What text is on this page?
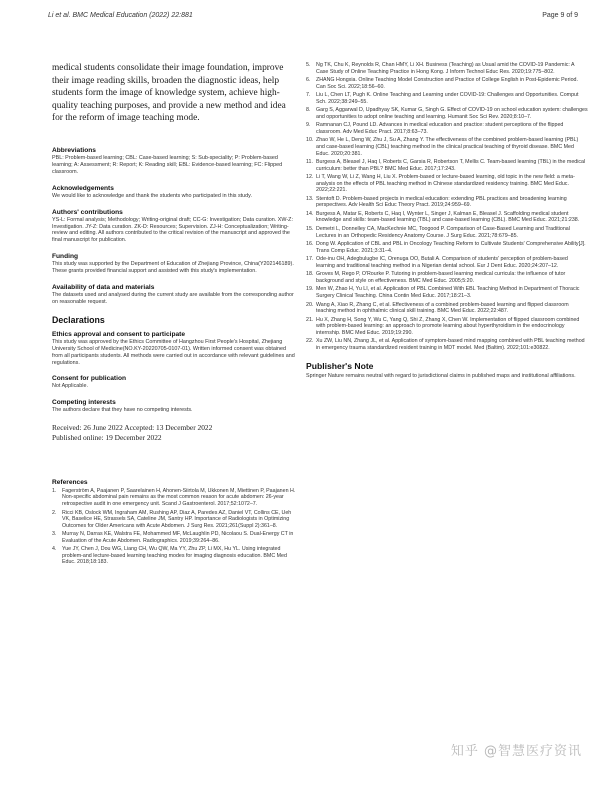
Li et al. BMC Medical Education (2022) 22:881	Page 9 of 9

medical students consolidate their image foundation, improve their image reading skills, broaden the diagnostic ideas, help students form the image of knowledge system, achieve high-quality teaching purposes, and provide a new method and idea for the reform of image teaching mode.

Abbreviations

PBL: Problem-based learning; CBL: Case-based learning; S: Sub-speciality; P: Problem-based learning; A: Assessment; R: Report; K: Reading skill; EBL: Evidence-based learning; FC: Flipped classroom.

Acknowledgements

We would like to acknowledge and thank the students who participated in this study.

Authors' contributions

YS-L: Formal analysis; Methodology; Writing-original draft; CC-G: Investigation; Data curation. XW-Z: Investigation. JY-Z: Data curation. ZK-D: Resources; Supervision. ZJ-H: Conceptualization; Writing-review and editing. All authors contributed to the critical revision of the manuscript and approved the final manuscript for publication.

Funding

This study was supported by the Department of Education of Zhejiang Province, China(Y202146189). These grants provided financial support and assisted with this study's implementation.

Availability of data and materials

The datasets used and analysed during the current study are available from the corresponding author on reasonable request.

Declarations
Ethics approval and consent to participate

This study was approved by the Ethics Committee of Hangzhou First People's Hospital, Zhejiang University School of Medicine(NO.KY-20220705-0107-01). Written informed consent was obtained from all participants students. All methods were carried out in accordance with relevant guidelines and regulations.

Consent for publication

Not Applicable.

Competing interests

The authors declare that they have no competing interests.

Received: 26 June 2022 Accepted: 13 December 2022
Published online: 19 December 2022
References
1. Fagerström A, Paajanen P, Saarelainen H, Ahonen-Siirtola M, Ukkonen M, Miettinen P, Paajanen H. Non-specific abdominal pain remains as the most common reason for acute abdomen: 26-year retrospective audit in one emergency unit. Scand J Gastroenterol. 2017;52:1072–7.
2. Ricci KB, Oslock WM, Ingraham AM, Rushing AP, Diaz A, Paredes AZ, Daniel VT, Collins CE, Ueh VK, Baselice HE, Strassels SA, Cateline JM, Santry HP. Importance of Radiologists in Optimizing Outcomes for Older Americans with Acute Abdomen. J Surg Res. 2021;261(Suppl 2):361–8.
3. Murray N, Darras KE, Walstra FE, Mohammed MF, McLaughlin PD, Nicolaou S. Dual-Energy CT in Evaluation of the Acute Abdomen. Radiographics. 2019;39:264–86.
4. Yue JY, Chen J, Dou WG, Liang CH, Wu QW, Ma YY, Zhu ZP, Li MX, Hu YL. Using integrated problem-and lecture-based learning teaching modes for imaging diagnosis education. BMC Med Educ. 2018;18:183.
5. Ng TK, Chu K, Reynolds R, Chan HMY, Li XH. Business (Teaching) as Usual amid the COVID-19 Pandemic: A Case Study of Online Teaching Practice in Hong Kong. J Inform Technol Educ Res. 2020;19:775–802.
6. ZHANG Hongxia. Online Teaching Model Construction and Practice of College English in Post-Epidemic Period. Can Soc Sci. 2022;18:56–60.
7. Liu L, Chen LT, Pugh K. Online Teaching and Learning under COVID-19: Challenges and Opportunities. Comput Sch. 2022;38:249–55.
8. Garg S, Aggarwal D, Upadhyay SK, Kumar G, Singh G. Effect of COVID-19 on school education system: challenges and opportunities to adopt online teaching and learning. Humanit Soc Sci Rev. 2020;8:10–7.
9. Ramnanan CJ, Pound LD. Advances in medical education and practice: student perceptions of the flipped classroom. Adv Med Educ Pract. 2017;8:63–73.
10. Zhao W, He L, Deng W, Zhu J, Su A, Zhang Y. The effectiveness of the combined problem-based learning (PBL) and case-based learning (CBL) teaching method in the clinical practical teaching of thyroid disease. BMC Med Educ. 2020;20:381.
11. Burgess A, Bleasel J, Haq I, Roberts C, Garsia R, Robertson T, Mellis C. Team-based learning (TBL) in the medical curriculum: better than PBL? BMC Med Educ. 2017;17:243.
12. Li T, Wang W, Li Z, Wang H, Liu X. Problem-based or lecture-based learning, old topic in the new field: a meta-analysis on the effects of PBL teaching method in Chinese standardized residency training. BMC Med Educ. 2022;22:221.
13. Stentoft D. Problem-based projects in medical education: extending PBL practices and broadening learning perspectives. Adv Health Sci Educ Theory Pract. 2019;24:959–69.
14. Burgess A, Matar E, Roberts C, Haq I, Wynter L, Singer J, Kalman E, Bleasel J. Scaffolding medical student knowledge and skills: team-based learning (TBL) and case-based learning (CBL). BMC Med Educ. 2021;21:238.
15. Demetri L, Donnelley CA, MacKechnie MC, Toogood P. Comparison of Case-Based Learning and Traditional Lectures in an Orthopedic Residency Anatomy Course. J Surg Educ. 2021;78:679–85.
16. Dong W. Application of CBL and PBL in Oncology Teaching Reform to Cultivate Students' Comprehensive Ability[J]. Trans Comp Educ. 2021;3:31–4.
17. Ode-inu OH, Adegbulugbe IC, Orenuga OO, Butali A. Comparison of students' perception of problem-based learning and traditional teaching method in a Nigerian dental school. Eur J Dent Educ. 2020;24:207–12.
18. Groves M, Rego P, O'Rourke P. Tutoring in problem-based learning medical curricula: the influence of tutor background and style on effectiveness. BMC Med Educ. 2005;5:20.
19. Men W, Zhao H, Yu LI, et al. Application of PBL Combined With EBL Teaching Method in Department of Thoracic Surgery Clinical Teaching. China Contin Med Educ. 2017;18:21–3.
20. Wang A, Xiao R, Zhang C, et al. Effectiveness of a combined problem-based learning and flipped classroom teaching method in ophthalmic clinical skill training. BMC Med Educ. 2022;22:487.
21. Hu X, Zhang H, Song Y, Wu C, Yang Q, Shi Z, Zhang X, Chen W. Implementation of flipped classroom combined with problem-based learning: an approach to promote learning about hyperthyroidism in the endocrinology internship. BMC Med Educ. 2019;19:290.
22. Xu ZW, Liu NN, Zhang JL, et al. Application of symptom-based mind mapping combined with PBL teaching method in emergency trauma standardized resident training in MDT model. Med (Baltim). 2022;101:e30822.
Publisher's Note

Springer Nature remains neutral with regard to jurisdictional claims in published maps and institutional affiliations.

知乎 @智慧医疗资讯
